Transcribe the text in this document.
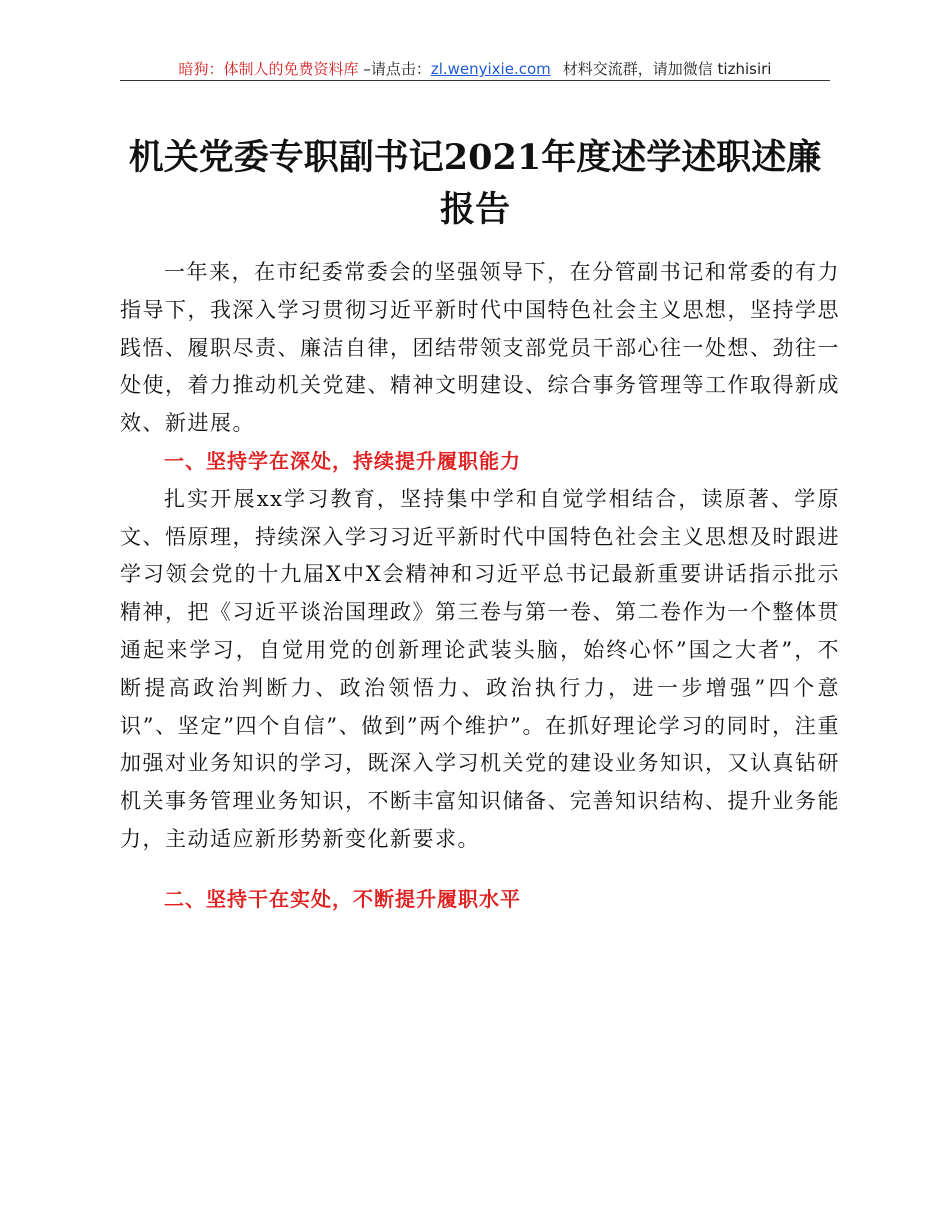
暗狗：体制人的免费资料库 –请点击：zl.wenyixie.com 材料交流群，请加微信 tizhisiri
机关党委专职副书记2021年度述学述职述廉报告

一年来，在市纪委常委会的坚强领导下，在分管副书记和常委的有力指导下，我深入学习贯彻习近平新时代中国特色社会主义思想，坚持学思践悟、履职尽责、廉洁自律，团结带领支部党员干部心往一处想、劲往一处使，着力推动机关党建、精神文明建设、综合事务管理等工作取得新成效、新进展。

一、坚持学在深处，持续提升履职能力

扎实开展xx学习教育，坚持集中学和自觉学相结合，读原著、学原文、悟原理，持续深入学习习近平新时代中国特色社会主义思想及时跟进学习领会党的十九届X中X会精神和习近平总书记最新重要讲话指示批示精神，把《习近平谈治国理政》第三卷与第一卷、第二卷作为一个整体贯通起来学习，自觉用党的创新理论武装头脑，始终心怀”国之大者”，不断提高政治判断力、政治领悟力、政治执行力，进一步增强”四个意识”、坚定”四个自信”、做到”两个维护”。在抓好理论学习的同时，注重加强对业务知识的学习，既深入学习机关党的建设业务知识，又认真钻研机关事务管理业务知识，不断丰富知识储备、完善知识结构、提升业务能力，主动适应新形势新变化新要求。

二、坚持干在实处，不断提升履职水平
